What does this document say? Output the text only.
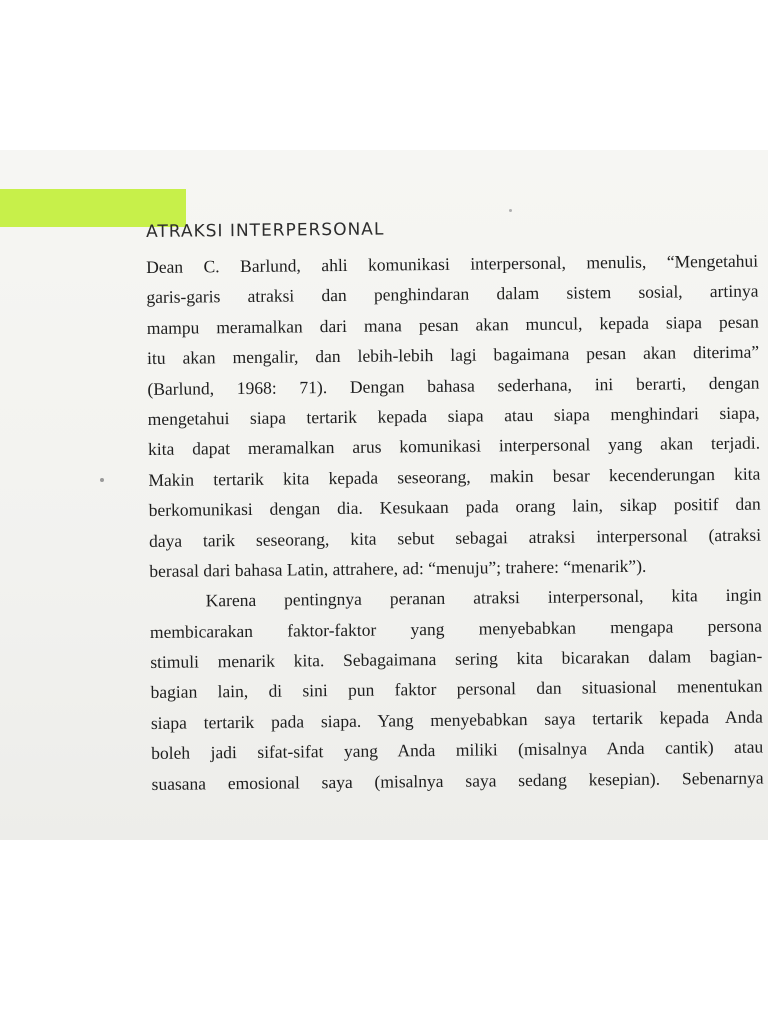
ATRAKSI INTERPERSONAL
Dean C. Barlund, ahli komunikasi interpersonal, menulis, “Mengetahui
garis-garis atraksi dan penghindaran dalam sistem sosial, artinya
mampu meramalkan dari mana pesan akan muncul, kepada siapa pesan
itu akan mengalir, dan lebih-lebih lagi bagaimana pesan akan diterima”
(Barlund, 1968: 71). Dengan bahasa sederhana, ini berarti, dengan
mengetahui siapa tertarik kepada siapa atau siapa menghindari siapa,
kita dapat meramalkan arus komunikasi interpersonal yang akan terjadi.
Makin tertarik kita kepada seseorang, makin besar kecenderungan kita
berkomunikasi dengan dia. Kesukaan pada orang lain, sikap positif dan
daya tarik seseorang, kita sebut sebagai atraksi interpersonal (atraksi
berasal dari bahasa Latin, attrahere, ad: “menuju”; trahere: “menarik”).
Karena pentingnya peranan atraksi interpersonal, kita ingin
membicarakan faktor-faktor yang menyebabkan mengapa persona
stimuli menarik kita. Sebagaimana sering kita bicarakan dalam bagian-
bagian lain, di sini pun faktor personal dan situasional menentukan
siapa tertarik pada siapa. Yang menyebabkan saya tertarik kepada Anda
boleh jadi sifat-sifat yang Anda miliki (misalnya Anda cantik) atau
suasana emosional saya (misalnya saya sedang kesepian). Sebenarnya
